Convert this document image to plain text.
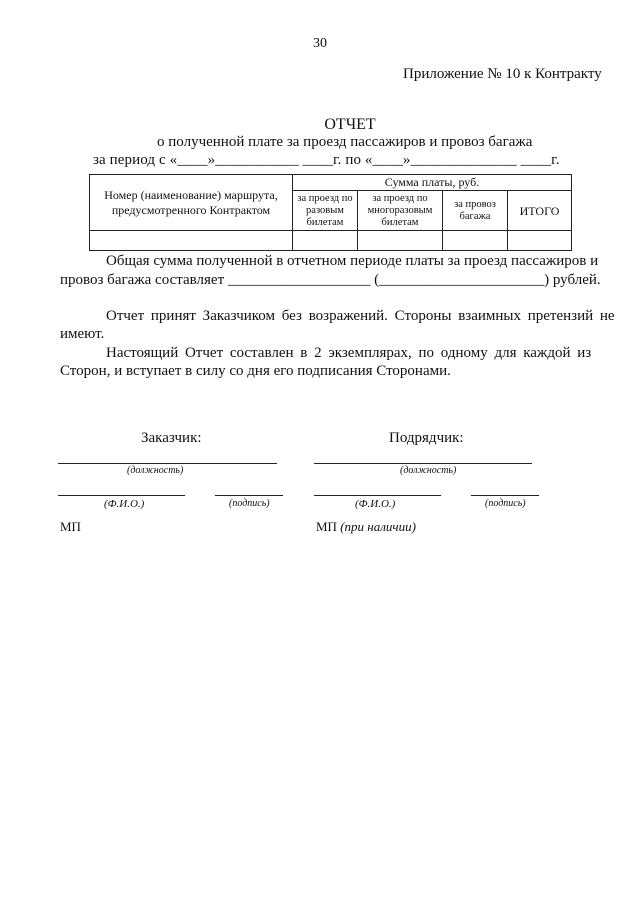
30
Приложение № 10 к Контракту
ОТЧЕТ
о полученной плате за проезд пассажиров и провоз багажа
за период с «____»___________ ____г. по «____»______________ ____г.
Номер (наименование) маршрута, предусмотренного Контрактом	Сумма платы, руб.			
	за проезд по разовым билетам	за проезд по многоразовым билетам	за провоз багажа	ИТОГО

Общая сумма полученной в отчетном периоде платы за проезд пассажиров и
провоз багажа составляет ___________________ (______________________) рублей.
Отчет принят Заказчиком без возражений. Стороны взаимных претензий не
имеют.
Настоящий Отчет составлен в 2 экземплярах, по одному для каждой из
Сторон, и вступает в силу со дня его подписания Сторонами.
Заказчик:
(должность)
(Ф.И.О.)	(подпись)
МП
Подрядчик:
(должность)
(Ф.И.О.)	(подпись)
МП (при наличии)
